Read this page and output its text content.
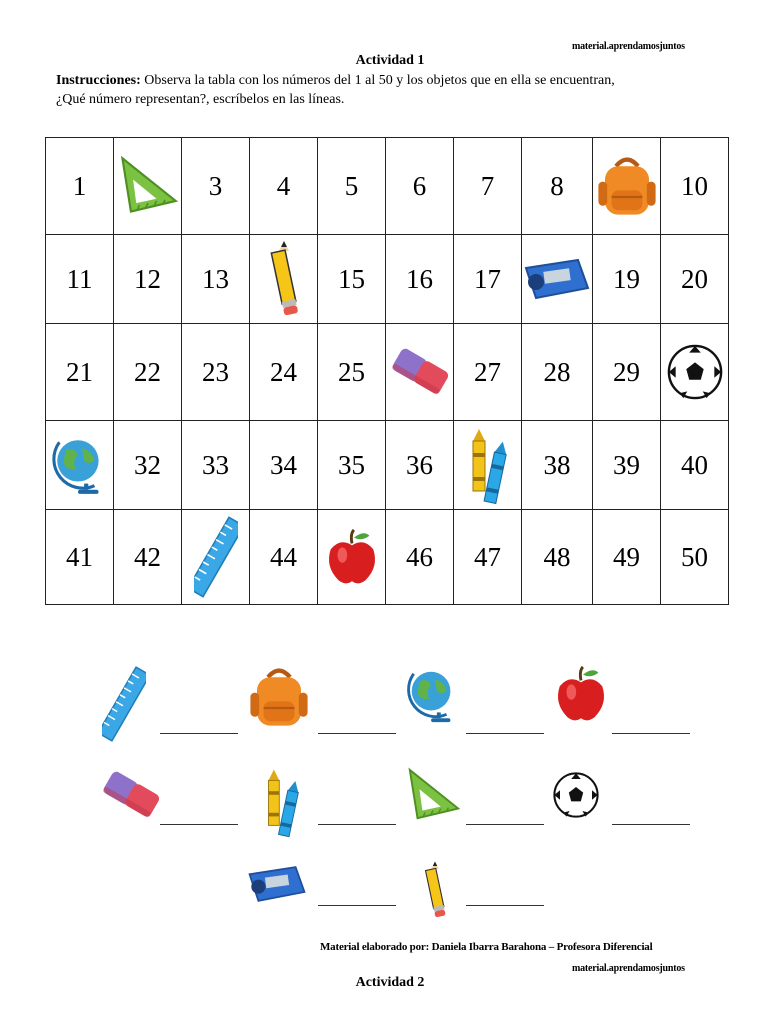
material.aprendamosjuntos
Actividad 1
Instrucciones: Observa la tabla con los números del 1 al 50 y los objetos que en ella se encuentran,
¿Qué número representan?, escríbelos en las líneas.
1		3	4	5	6	7	8		10
11	12	13		15	16	17		19	20
21	22	23	24	25		27	28	29	

	32	33	34	35	36		38	39	40
41	42		44		46	47	48	49	50
Material elaborado por: Daniela Ibarra Barahona – Profesora Diferencial
material.aprendamosjuntos
Actividad 2
